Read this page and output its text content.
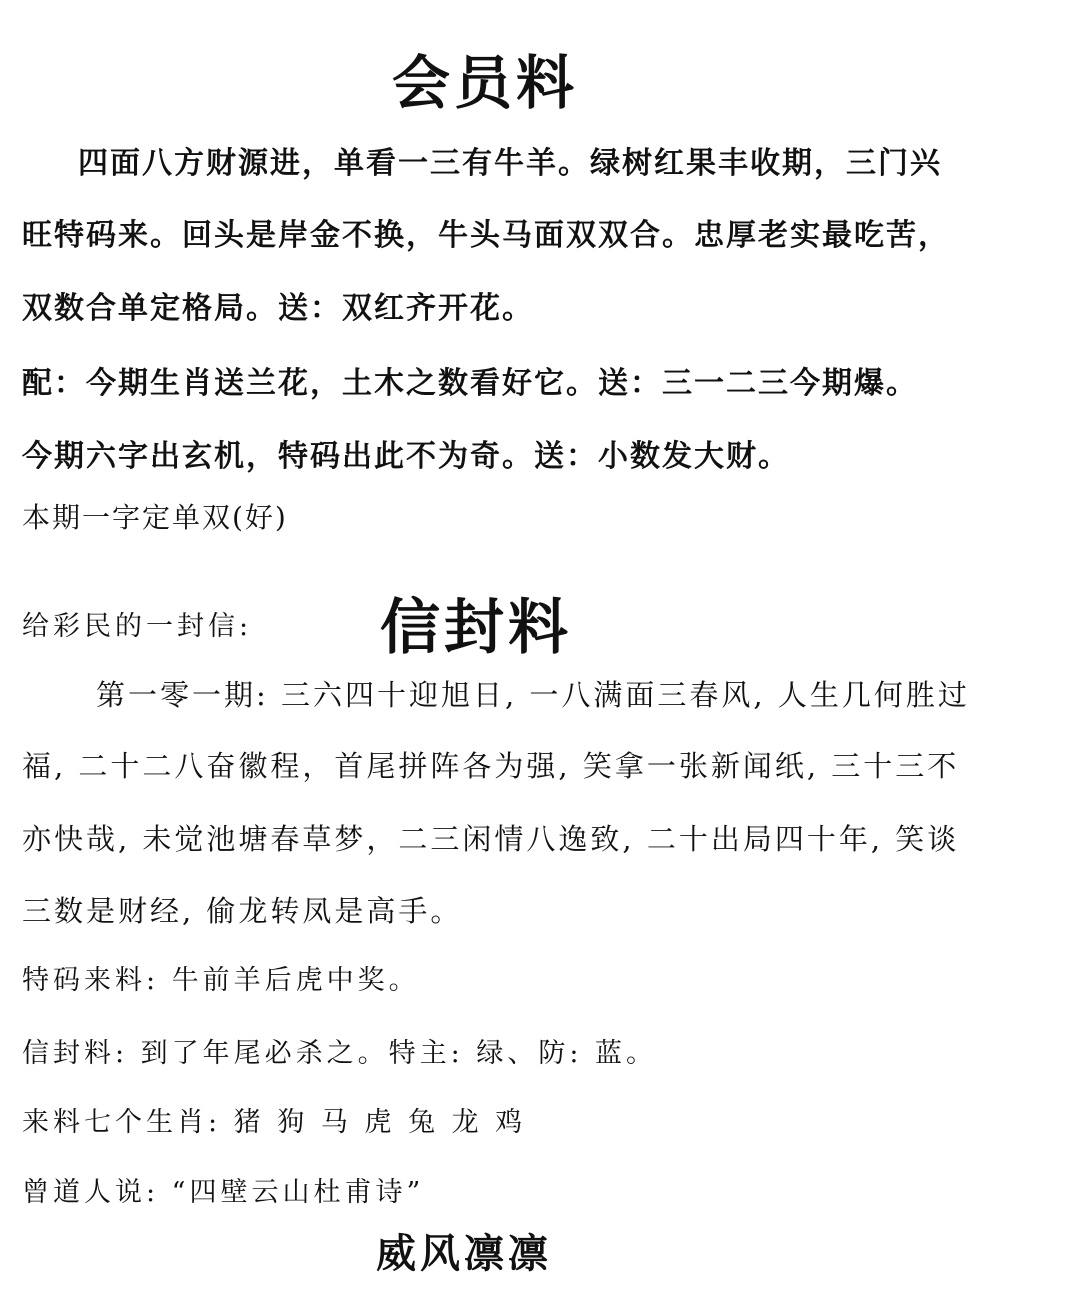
会员料
四面八方财源进，单看一三有牛羊。绿树红果丰收期，三门兴
旺特码来。回头是岸金不换，牛头马面双双合。忠厚老实最吃苦，
双数合单定格局。送：双红齐开花。
配：今期生肖送兰花，土木之数看好它。送：三一二三今期爆。
今期六字出玄机，特码出此不为奇。送：小数发大财。
本期一字定单双(好)
给彩民的一封信: 信封料
第一零一期: 三六四十迎旭日, 一八满面三春风, 人生几何胜过
福, 二十二八奋徽程，首尾拼阵各为强, 笑拿一张新闻纸, 三十三不
亦快哉, 未觉池塘春草梦，二三闲情八逸致, 二十出局四十年, 笑谈
三数是财经, 偷龙转凤是高手。
特码来料: 牛前羊后虎中奖。
信封料: 到了年尾必杀之。特主: 绿、防: 蓝。
来料七个生肖: 猪 狗 马 虎 兔 龙 鸡
曾道人说: “四壁云山杜甫诗”
威风凛凛
